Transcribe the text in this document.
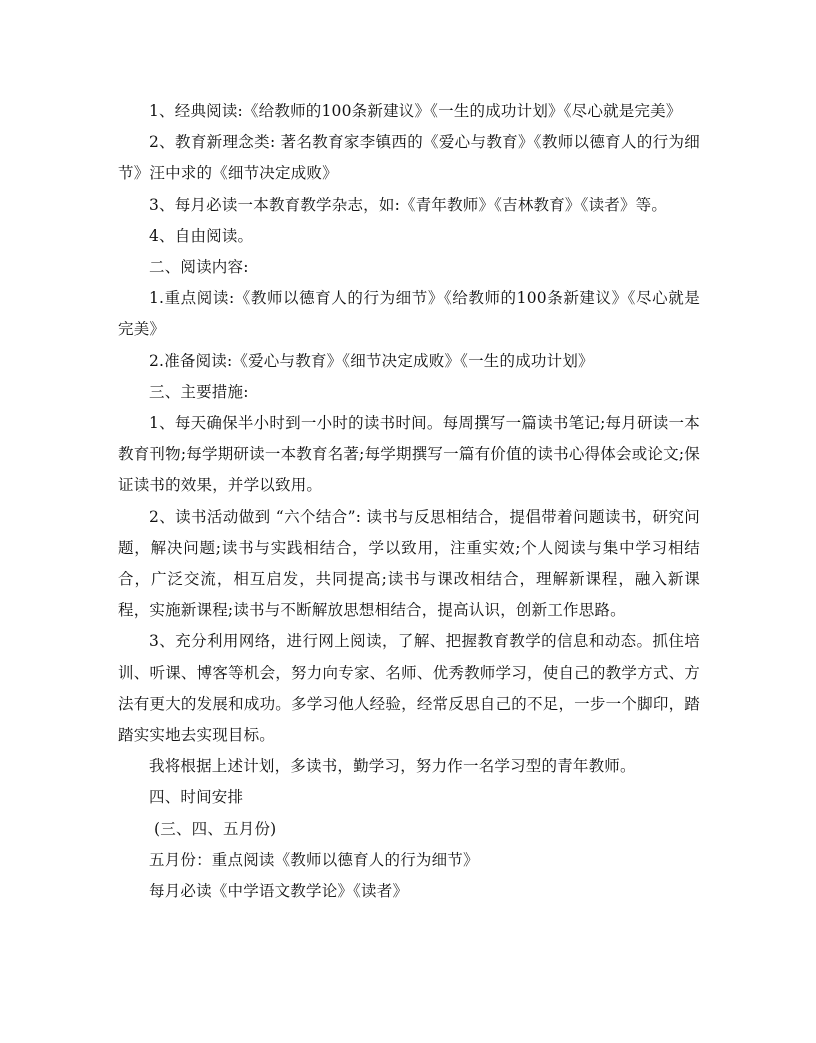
1、经典阅读:《给教师的100条新建议》《一生的成功计划》《尽心就是完美》

2、教育新理念类: 著名教育家李镇西的《爱心与教育》《教师以德育人的行为细节》汪中求的《细节决定成败》

3、每月必读一本教育教学杂志，如:《青年教师》《吉林教育》《读者》等。

4、自由阅读。

二、阅读内容:

1.重点阅读:《教师以德育人的行为细节》《给教师的100条新建议》《尽心就是完美》

2.准备阅读:《爱心与教育》《细节决定成败》《一生的成功计划》

三、主要措施:

1、每天确保半小时到一小时的读书时间。每周撰写一篇读书笔记;每月研读一本教育刊物;每学期研读一本教育名著;每学期撰写一篇有价值的读书心得体会或论文;保证读书的效果，并学以致用。

2、读书活动做到 “六个结合”: 读书与反思相结合，提倡带着问题读书，研究问题，解决问题;读书与实践相结合，学以致用，注重实效;个人阅读与集中学习相结合，广泛交流，相互启发，共同提高;读书与课改相结合，理解新课程，融入新课程，实施新课程;读书与不断解放思想相结合，提高认识，创新工作思路。

3、充分利用网络，进行网上阅读，了解、把握教育教学的信息和动态。抓住培训、听课、博客等机会，努力向专家、名师、优秀教师学习，使自己的教学方式、方法有更大的发展和成功。多学习他人经验，经常反思自己的不足，一步一个脚印，踏踏实实地去实现目标。

我将根据上述计划，多读书，勤学习，努力作一名学习型的青年教师。

四、时间安排

(三、四、五月份)

五月份：重点阅读《教师以德育人的行为细节》

每月必读《中学语文教学论》《读者》
